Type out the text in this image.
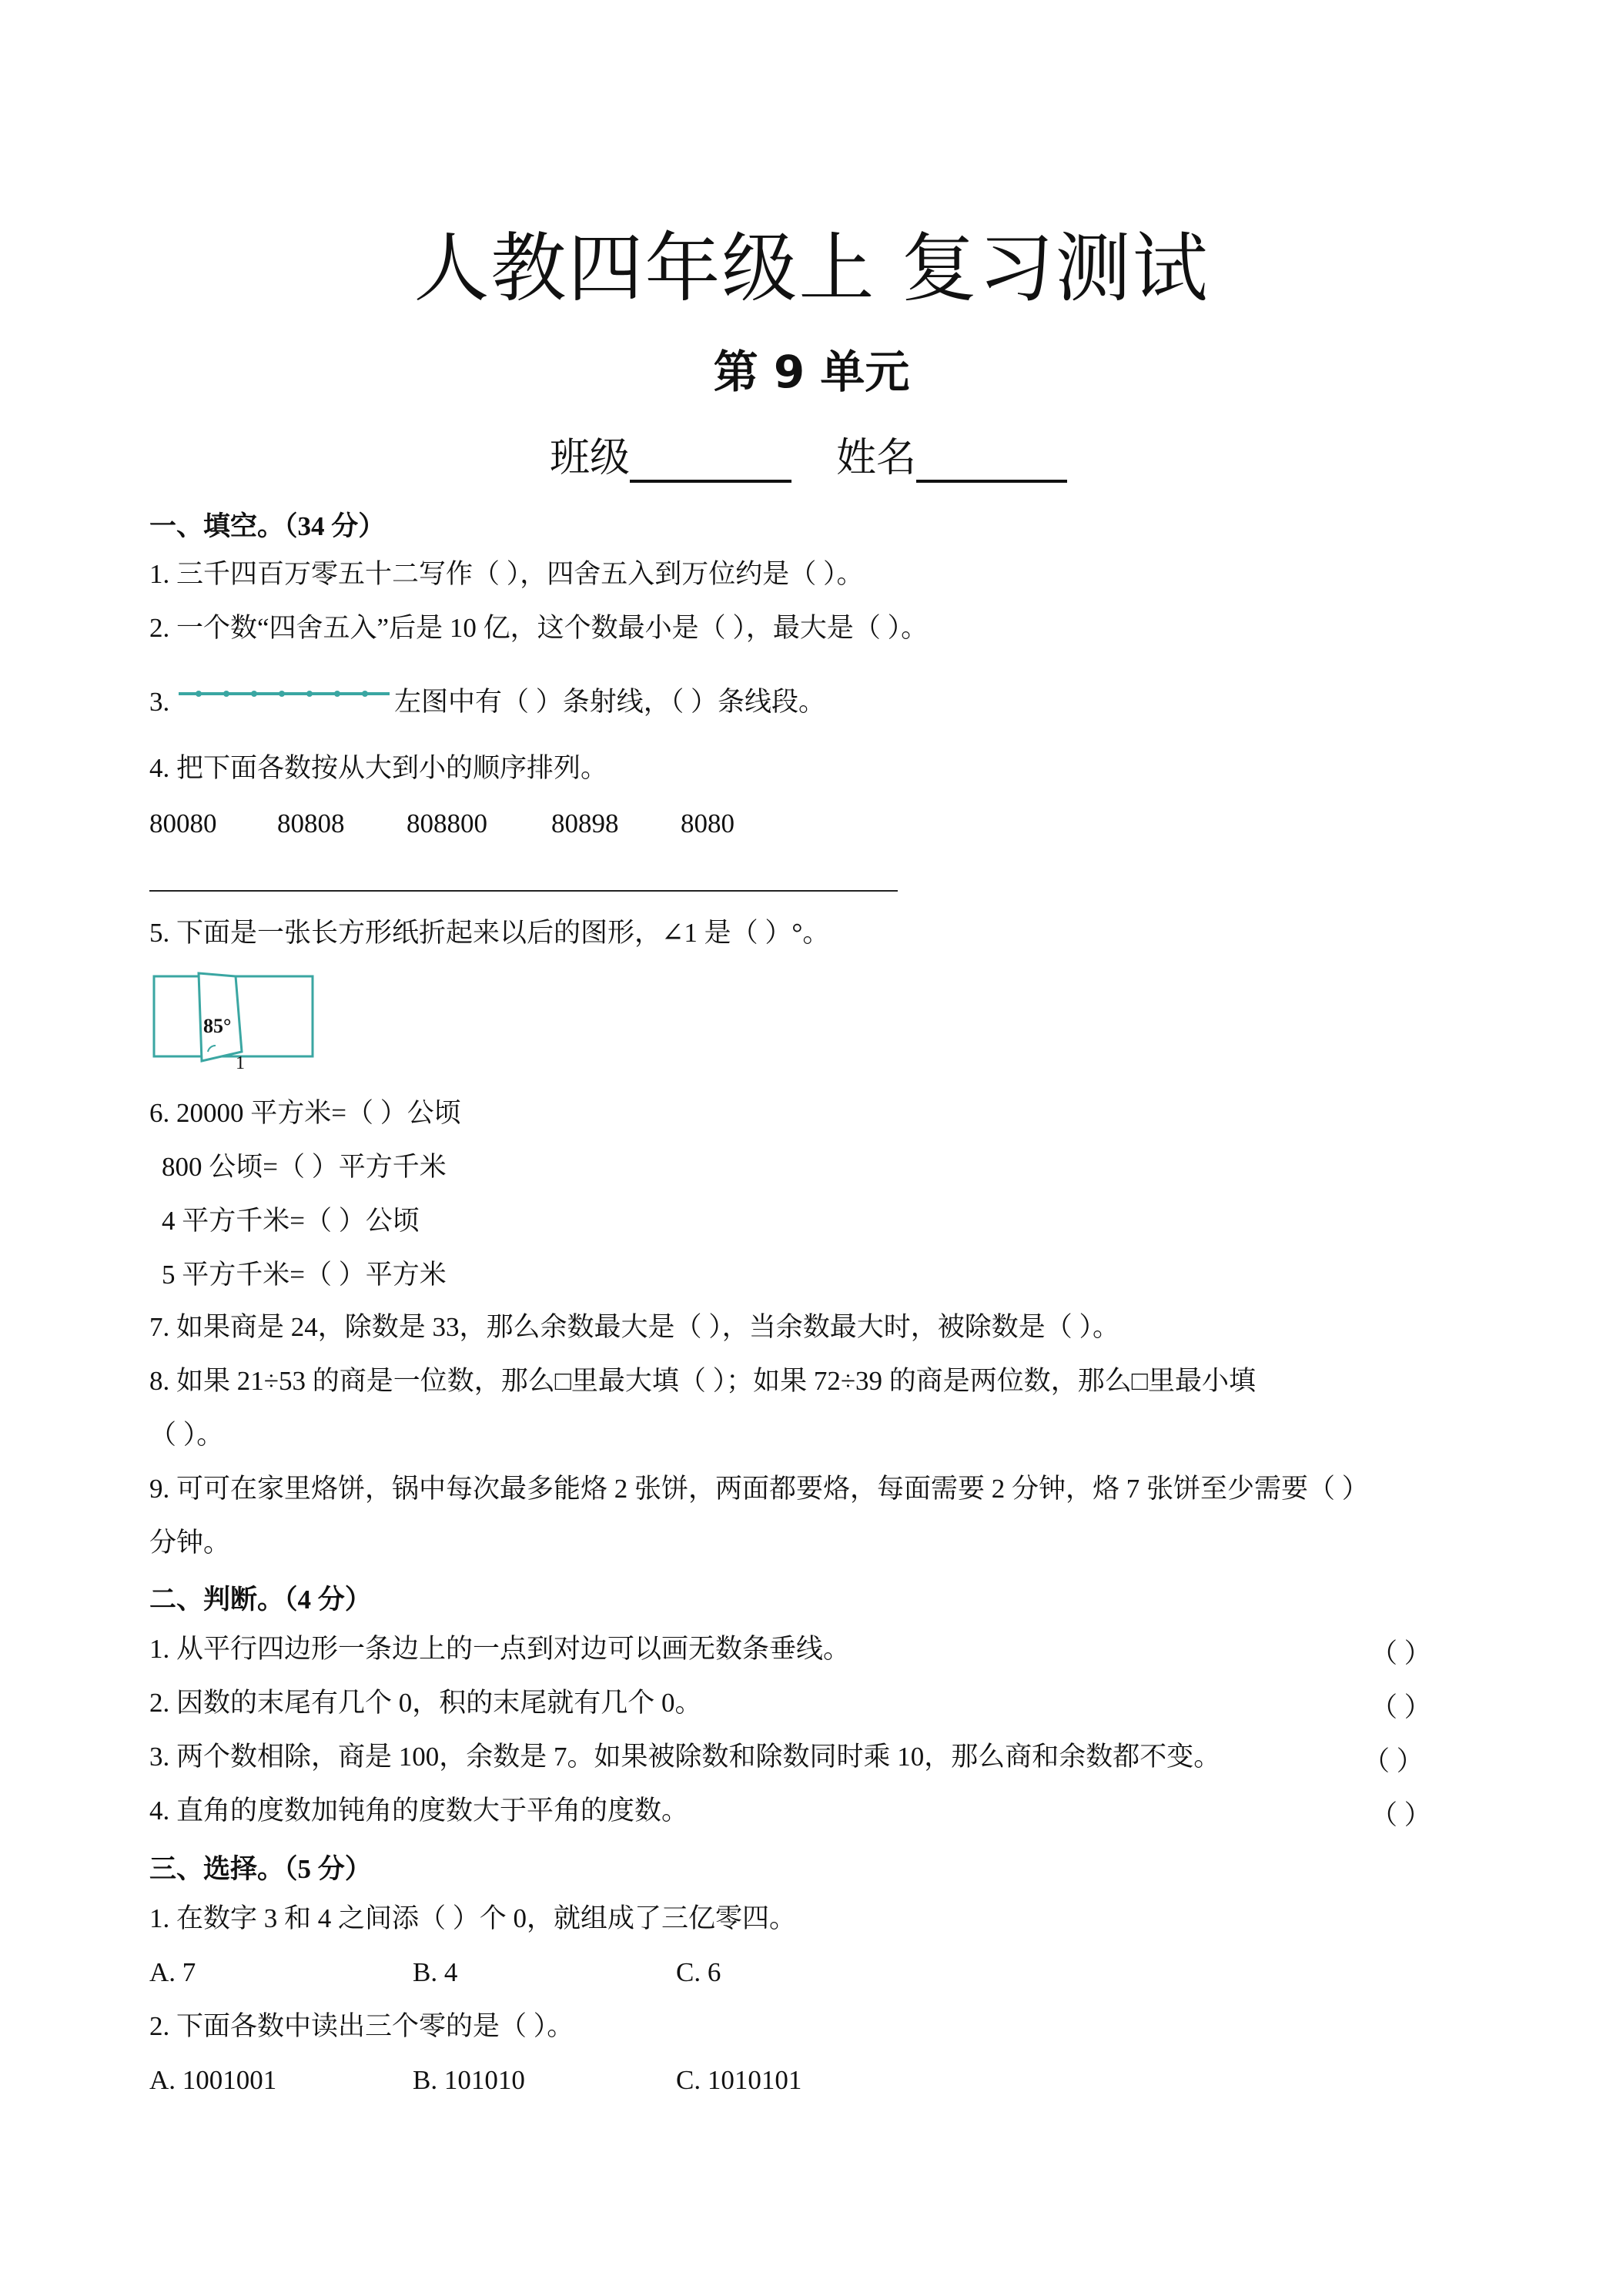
人教四年级上 复习测试
第 9 单元
班级	姓名
一、填空。（34 分）
1. 三千四百万零五十二写作（ ），四舍五入到万位约是（ ）。
2. 一个数“四舍五入”后是 10 亿，这个数最小是（ ），最大是（ ）。
3.	左图中有（ ）条射线，（ ）条线段。
4. 把下面各数按从大到小的顺序排列。
80080 80808 808800 80898 8080
5. 下面是一张长方形纸折起来以后的图形，∠1 是（ ）°。
85°
1
6. 20000 平方米=（ ）公顷
800 公顷=（ ）平方千米
4 平方千米=（ ）公顷
5 平方千米=（ ）平方米
7. 如果商是 24，除数是 33，那么余数最大是（ ），当余数最大时，被除数是（ ）。
8. 如果 21÷53 的商是一位数，那么□里最大填（ ）；如果 72÷39 的商是两位数，那么□里最小填
（ ）。
9. 可可在家里烙饼，锅中每次最多能烙 2 张饼，两面都要烙，每面需要 2 分钟，烙 7 张饼至少需要（ ）
分钟。
二、判断。（4 分）
1. 从平行四边形一条边上的一点到对边可以画无数条垂线。	（ ）
2. 因数的末尾有几个 0，积的末尾就有几个 0。	（ ）
3. 两个数相除，商是 100，余数是 7。如果被除数和除数同时乘 10，那么商和余数都不变。	（ ）
4. 直角的度数加钝角的度数大于平角的度数。	（ ）
三、选择。（5 分）
1. 在数字 3 和 4 之间添（ ）个 0，就组成了三亿零四。
A. 7	B. 4	C. 6
2. 下面各数中读出三个零的是（ ）。
A. 1001001	B. 101010	C. 1010101
